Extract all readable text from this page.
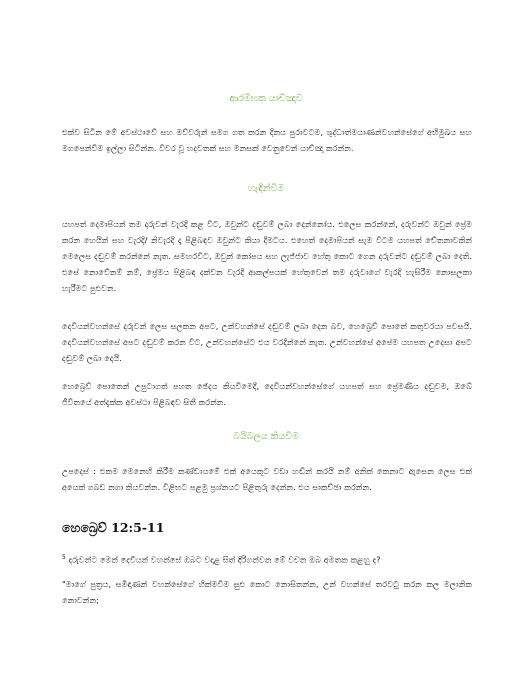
ආරම්භක යාච්ඤාව

එක්ව සිටින මේ අවස්ථාවේ සහ මව්වරුන් සමග ගත කරන දිනය පුරාවටම, ශුද්ධාත්මයාණන්වහන්සේගේ අභිමුඛය සහ මගපෙන්වීම ඉල්ලා සිටින්න. විවර වූ හදවතක් සහ මනසක් වෙනුවෙන් යාච්ඤා කරන්න.

හැඳින්වීම

යහපත් දෙමාපියන් තම දරුවන් වැරදි කළ විට, ඔවුන්ට දඬුවම් ලබා දෙන්නෝය. එලෙස කරන්නේ, දරුවන්ට ඔවුන් ප්‍රේම කරන හෙයින් සහ වැරදි/ නිවැරදි දෑ පිළිබඳව ඔවුන්ට කියා දීමටය. එහෙත් දෙමාපියන් සැම විටම යහපත් චේතනාවකින් මෙලෙස දඬුවම් කරන්නේ නැත. සමහරවිට, ඔවුන් කෝපය සහ ලැජ්ජාව හේතු කොට ගෙන දරුවන්ට දඬුවම් ලබා දෙති. එසේ නොවේනම් නම්, ප්‍රේමය පිළිබඳ දක්වන වැරදි ආකල්පයක් හේතුවෙන් තම දරුවාගේ වැරදි හැසිරීම නොසලකා හැරීමට පුළුවන.

දෙවියන්වහන්සේ දරුවන් ලෙස සලකන අපට, උන්වහන්සේ දඬුවම් ලබා දෙන බව, හෙබ්‍රෙව් පොතේ කතුවරයා පවසයි. දෙවියන්වහන්සේ අපට දඬුවම් කරන විට, උන්වහන්සේට එය වරදින්නේ නැත. උන්වහන්සේ අපේම යහපත උදෙසා අපට දඬුවම් ලබා දෙයි.

හෙබ්‍රෙව් පොතෙන් උපුටාගත් පහත ඡේදය කියවීමෙදී, දෙවියන්වහන්සේගේ යහපත් සහ ප්‍රේමණීය දඬුවම, ඔබේ ජීවිතයේ අත්දැක්ක අවස්ථා පිළිබඳව සිතී කරන්න.

බයිබලය කියවීම

උපදෙස් : එකම මෙනෙහි කිරීම කණ්ඩායමේ එක් අයෙකුට වඩා හඬින් කරයි නම් අනික් කෙනාට ඇසෙන ලෙස එක් අයෙක් ගබඩ නගා කියවන්න. විළිභට පළමු ප්‍රශ්නයට පිළිතුරු දෙන්න. එය සාකච්ඡා කරන්න.

හෙබ්‍රෙව් 12:5-11

$^5$ දරුවන්ට මෙන් දෙවියන් වහන්සේ ඔබට වදාළ සිත් දිරිගන්වන මේ වචන ඔබ අමතක කළහු ද?

"මාගේ පුත්‍රය, සමිඳාණන් වහන්සේගේ හික්මවීම සුළු කොට නොසිතන්න, උන් වහන්සේ තරවටු කරන කල මලානික නොවන්න;
